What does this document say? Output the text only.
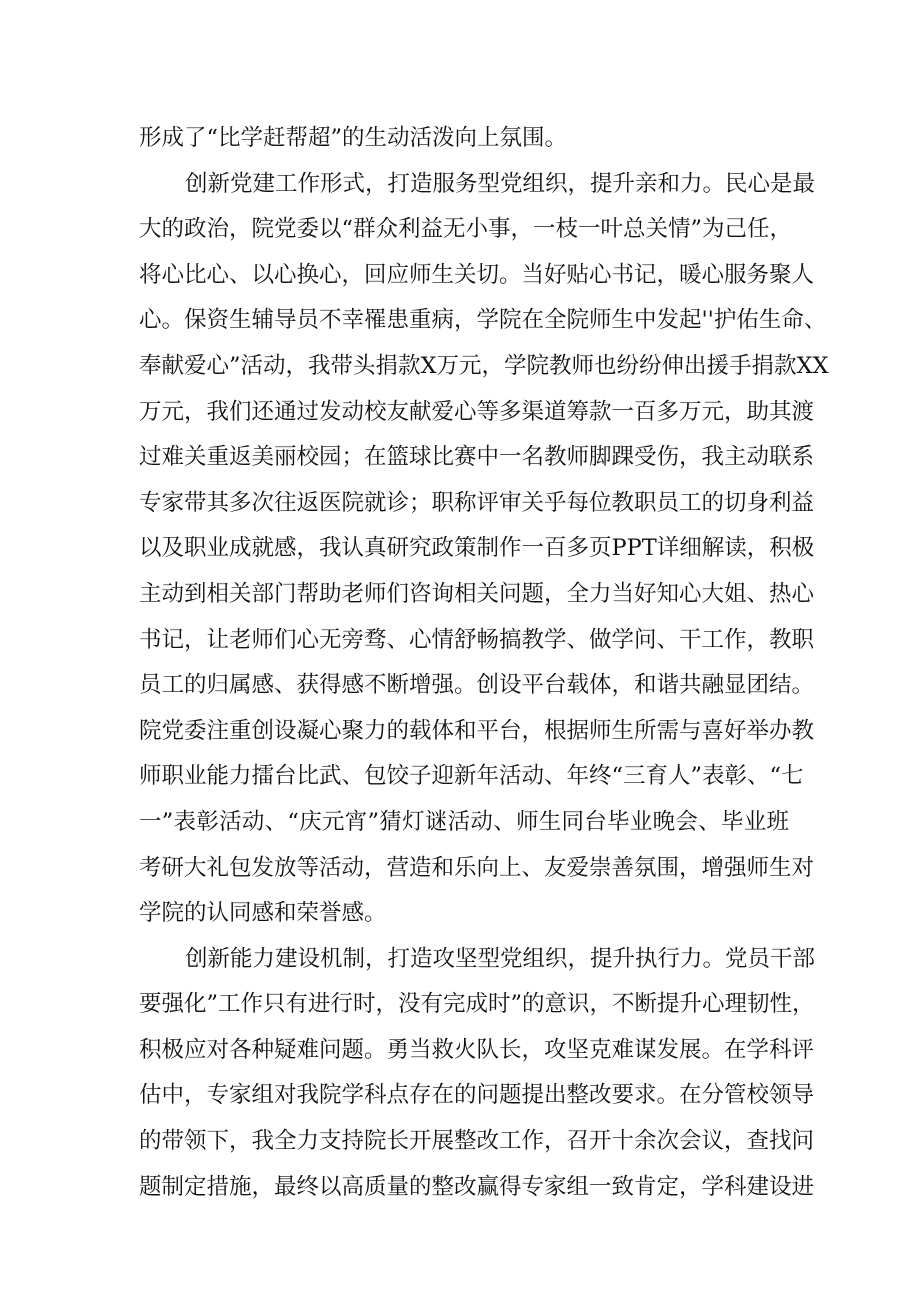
形成了“比学赶帮超”的生动活泼向上氛围。
创新党建工作形式，打造服务型党组织，提升亲和力。民心是最
大的政治，院党委以“群众利益无小事，一枝一叶总关情”为己任，
将心比心、以心换心，回应师生关切。当好贴心书记，暖心服务聚人
心。保资生辅导员不幸罹患重病，学院在全院师生中发起''护佑生命、
奉献爱心”活动，我带头捐款X万元，学院教师也纷纷伸出援手捐款XX
万元，我们还通过发动校友献爱心等多渠道筹款一百多万元，助其渡
过难关重返美丽校园；在篮球比赛中一名教师脚踝受伤，我主动联系
专家带其多次往返医院就诊；职称评审关乎每位教职员工的切身利益
以及职业成就感，我认真研究政策制作一百多页PPT详细解读，积极
主动到相关部门帮助老师们咨询相关问题，全力当好知心大姐、热心
书记，让老师们心无旁骛、心情舒畅搞教学、做学问、干工作，教职
员工的归属感、获得感不断增强。创设平台载体，和谐共融显团结。
院党委注重创设凝心聚力的载体和平台，根据师生所需与喜好举办教
师职业能力擂台比武、包饺子迎新年活动、年终“三育人”表彰、“七
一”表彰活动、“庆元宵”猜灯谜活动、师生同台毕业晚会、毕业班
考研大礼包发放等活动，营造和乐向上、友爱崇善氛围，增强师生对
学院的认同感和荣誉感。
创新能力建设机制，打造攻坚型党组织，提升执行力。党员干部
要强化”工作只有进行时，没有完成时”的意识，不断提升心理韧性，
积极应对各种疑难问题。勇当救火队长，攻坚克难谋发展。在学科评
估中，专家组对我院学科点存在的问题提出整改要求。在分管校领导
的带领下，我全力支持院长开展整改工作，召开十余次会议，查找问
题制定措施，最终以高质量的整改赢得专家组一致肯定，学科建设进
